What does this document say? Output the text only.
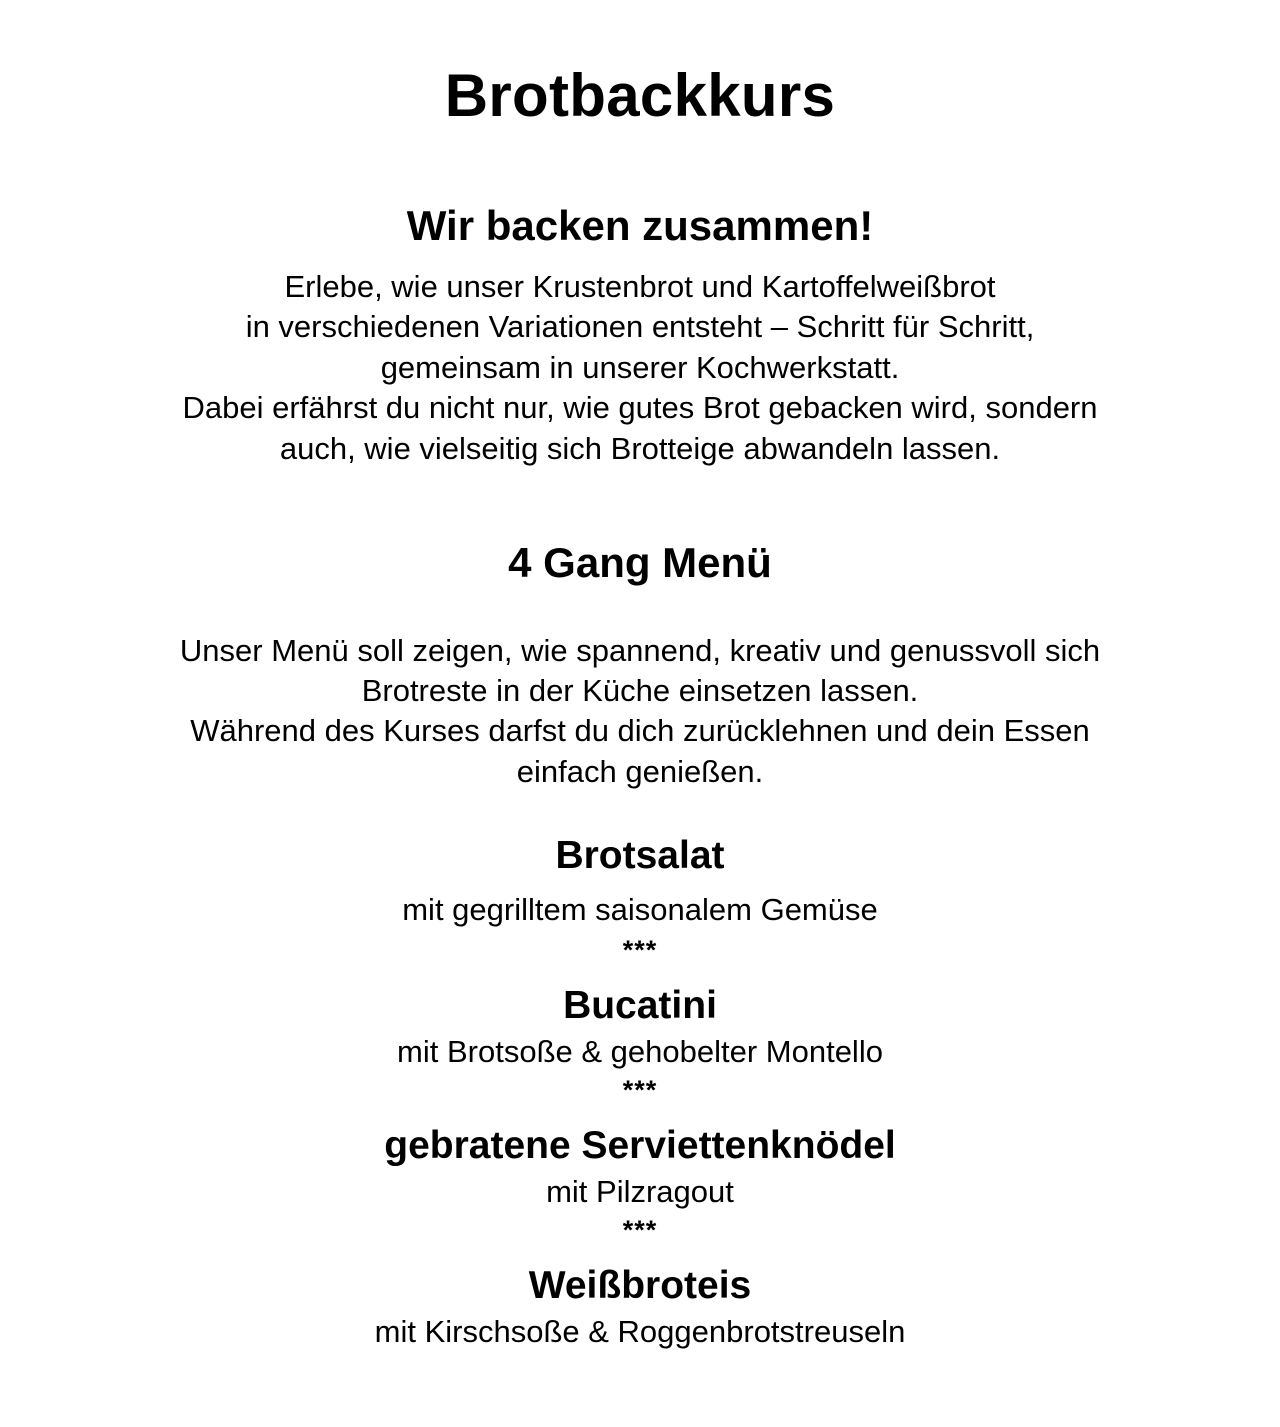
Brotbackkurs
Wir backen zusammen!

Erlebe, wie unser Krustenbrot und Kartoffelweißbrot

in verschiedenen Variationen entsteht – Schritt für Schritt,

gemeinsam in unserer Kochwerkstatt.

Dabei erfährst du nicht nur, wie gutes Brot gebacken wird, sondern

auch, wie vielseitig sich Brotteige abwandeln lassen.

4 Gang Menü

Unser Menü soll zeigen, wie spannend, kreativ und genussvoll sich

Brotreste in der Küche einsetzen lassen.

Während des Kurses darfst du dich zurücklehnen und dein Essen

einfach genießen.

Brotsalat

mit gegrilltem saisonalem Gemüse

***

Bucatini

mit Brotsoße & gehobelter Montello

***

gebratene Serviettenknödel

mit Pilzragout

***

Weißbroteis

mit Kirschsoße & Roggenbrotstreuseln
